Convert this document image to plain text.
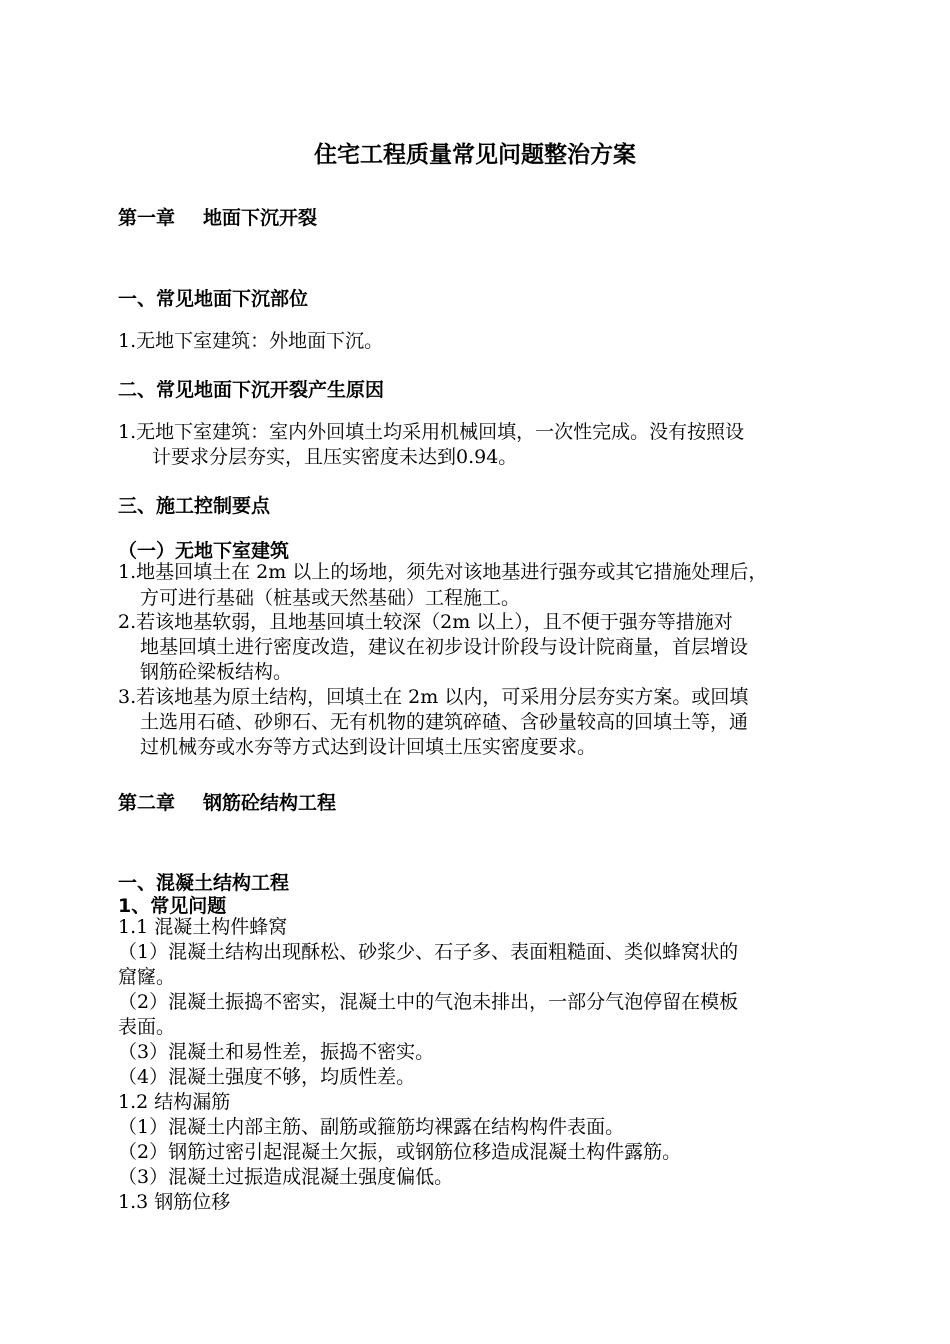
住宅工程质量常见问题整治方案
第一章 地面下沉开裂
一、常见地面下沉部位
1.无地下室建筑：外地面下沉。
二、常见地面下沉开裂产生原因
1.无地下室建筑：室内外回填土均采用机械回填，一次性完成。没有按照设
计要求分层夯实，且压实密度未达到0.94。
三、施工控制要点
（一）无地下室建筑
1.地基回填土在 2m 以上的场地，须先对该地基进行强夯或其它措施处理后，
方可进行基础（桩基或天然基础）工程施工。
2.若该地基软弱，且地基回填土较深（2m 以上），且不便于强夯等措施对
地基回填土进行密度改造，建议在初步设计阶段与设计院商量，首层增设
钢筋砼梁板结构。
3.若该地基为原土结构，回填土在 2m 以内，可采用分层夯实方案。或回填
土选用石碴、砂卵石、无有机物的建筑碎碴、含砂量较高的回填土等，通
过机械夯或水夯等方式达到设计回填土压实密度要求。
第二章 钢筋砼结构工程
一、混凝土结构工程
1、常见问题
1.1 混凝土构件蜂窝
（1）混凝土结构出现酥松、砂浆少、石子多、表面粗糙面、类似蜂窝状的
窟窿。
（2）混凝土振捣不密实，混凝土中的气泡未排出，一部分气泡停留在模板
表面。
（3）混凝土和易性差，振捣不密实。
（4）混凝土强度不够，均质性差。
1.2 结构漏筋
（1）混凝土内部主筋、副筋或箍筋均裸露在结构构件表面。
（2）钢筋过密引起混凝土欠振，或钢筋位移造成混凝土构件露筋。
（3）混凝土过振造成混凝土强度偏低。
1.3 钢筋位移
